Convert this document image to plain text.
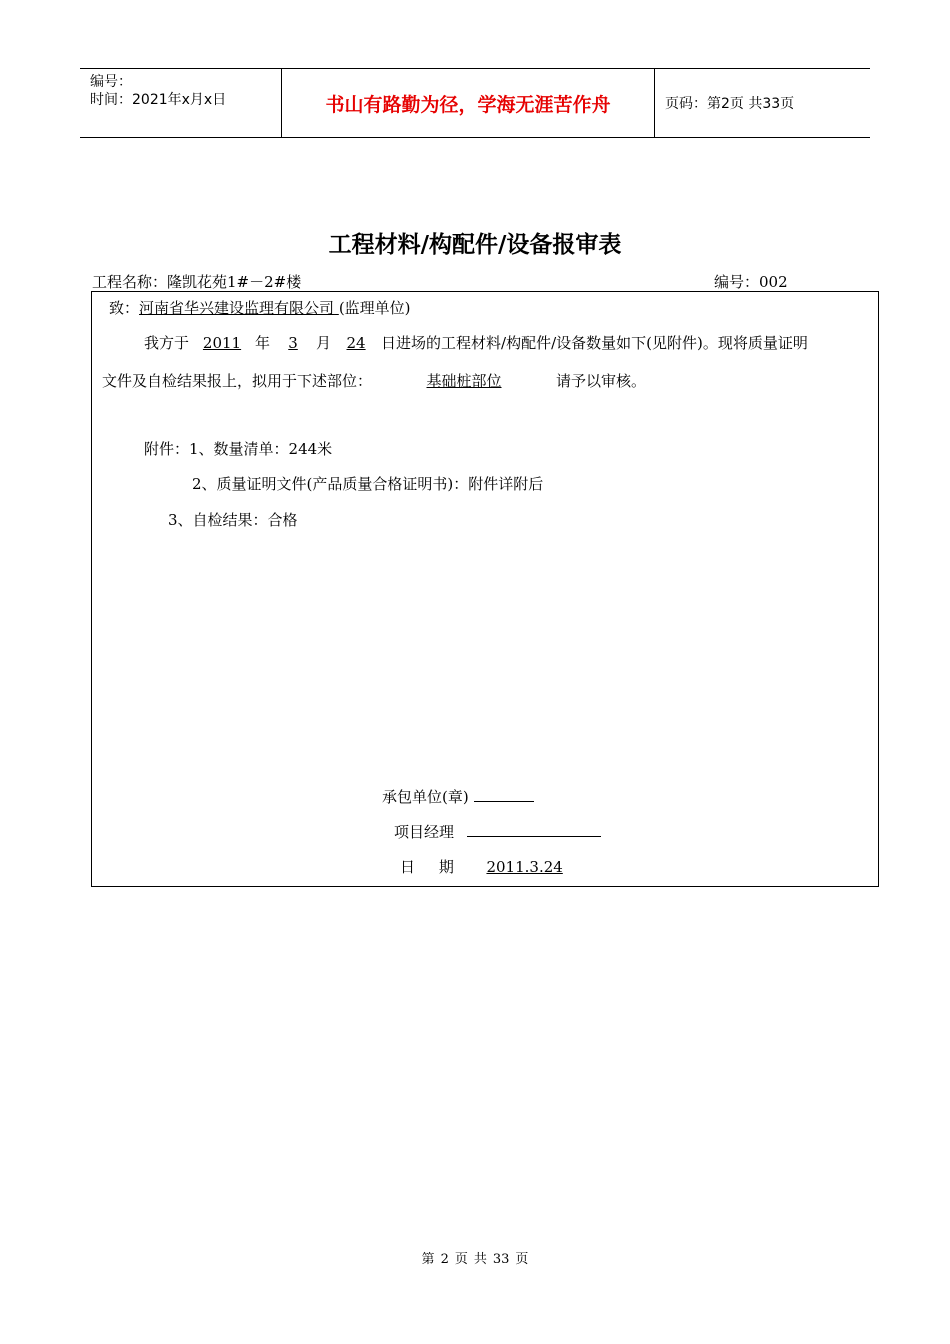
编号：
时间：2021年x月x日	书山有路勤为径，学海无涯苦作舟	页码：第2页 共33页
工程材料/构配件/设备报审表
工程名称：隆凯花苑1#－2#楼	编号：002
致：河南省华兴建设监理有限公司 (监理单位)
我方于 2011 年 3 月 24 日进场的工程材料/构配件/设备数量如下(见附件)。现将质量证明
文件及自检结果报上，拟用于下述部位：	基础桩部位	请予以审核。
附件：1、数量清单：244米
2、质量证明文件(产品质量合格证明书)：附件详附后
3、自检结果：合格
承包单位(章)
项目经理
日     期 2011.3.24
第 2 页 共 33 页
